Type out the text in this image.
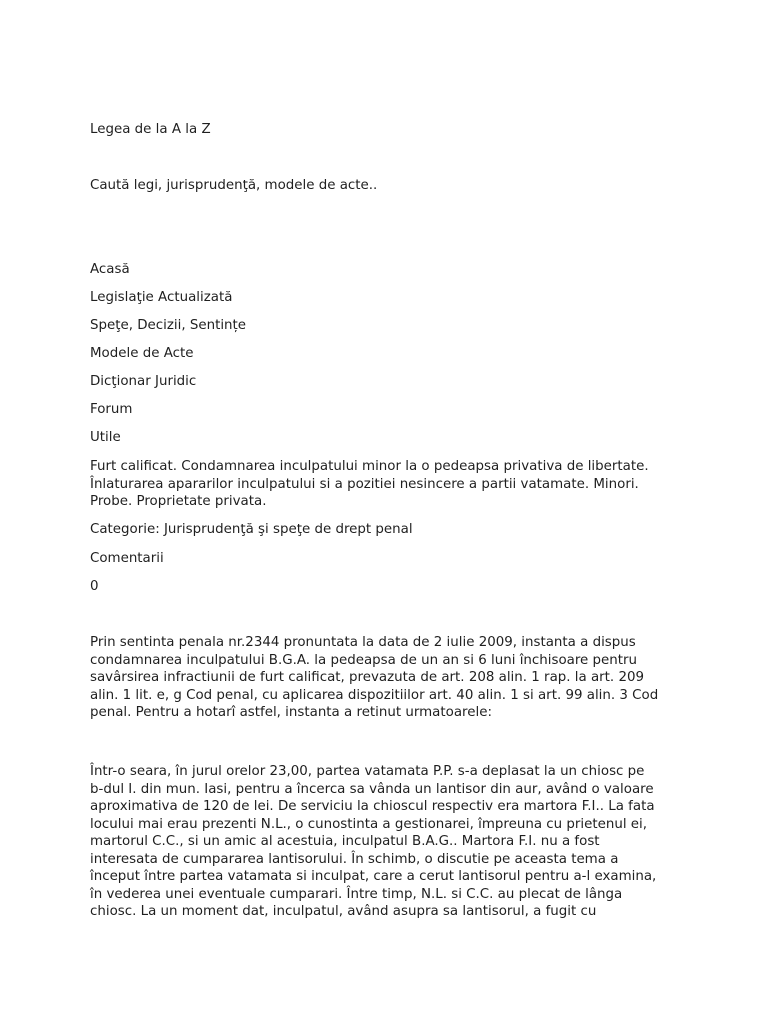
Legea de la A la Z
Caută legi, jurisprudenţă, modele de acte..
Acasă
Legislaţie Actualizată
Speţe, Decizii, Sentințe
Modele de Acte
Dicţionar Juridic
Forum
Utile
Furt calificat. Condamnarea inculpatului minor la o pedeapsa privativa de libertate.
Înlaturarea apararilor inculpatului si a pozitiei nesincere a partii vatamate. Minori.
Probe. Proprietate privata.
Categorie: Jurisprudenţă şi speţe de drept penal
Comentarii
0
Prin sentinta penala nr.2344 pronuntata la data de 2 iulie 2009, instanta a dispus
condamnarea inculpatului B.G.A. la pedeapsa de un an si 6 luni închisoare pentru
savârsirea infractiunii de furt calificat, prevazuta de art. 208 alin. 1 rap. la art. 209
alin. 1 lit. e, g Cod penal, cu aplicarea dispozitiilor art. 40 alin. 1 si art. 99 alin. 3 Cod
penal. Pentru a hotarî astfel, instanta a retinut urmatoarele:
Într-o seara, în jurul orelor 23,00, partea vatamata P.P. s-a deplasat la un chiosc pe
b-dul I. din mun. Iasi, pentru a încerca sa vânda un lantisor din aur, având o valoare
aproximativa de 120 de lei. De serviciu la chioscul respectiv era martora F.I.. La fata
locului mai erau prezenti N.L., o cunostinta a gestionarei, împreuna cu prietenul ei,
martorul C.C., si un amic al acestuia, inculpatul B.A.G.. Martora F.I. nu a fost
interesata de cumpararea lantisorului. În schimb, o discutie pe aceasta tema a
început între partea vatamata si inculpat, care a cerut lantisorul pentru a-l examina,
în vederea unei eventuale cumparari. Între timp, N.L. si C.C. au plecat de lânga
chiosc. La un moment dat, inculpatul, având asupra sa lantisorul, a fugit cu
